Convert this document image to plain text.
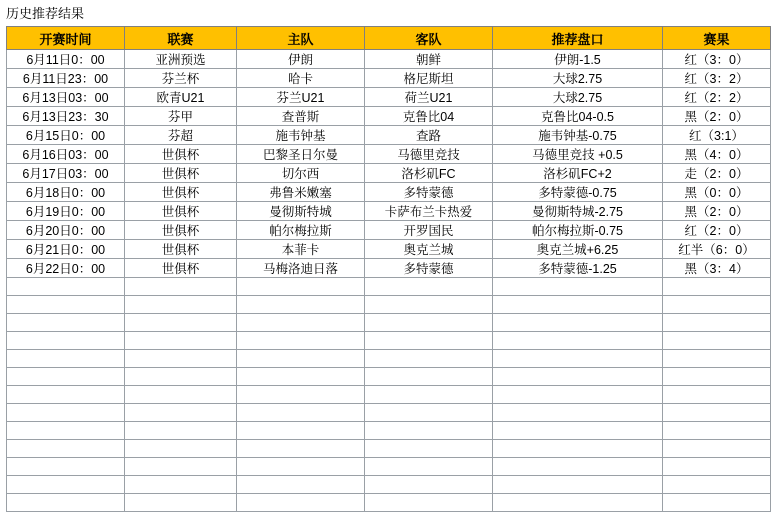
历史推荐结果
开赛时间	联赛	主队	客队	推荐盘口	赛果
6月11日0：00	亚洲预选	伊朗	朝鲜	伊朗-1.5	红（3：0）
6月11日23：00	芬兰杯	哈卡	格尼斯坦	大球2.75	红（3：2）
6月13日03：00	欧青U21	芬兰U21	荷兰U21	大球2.75	红（2：2）
6月13日23：30	芬甲	查普斯	克鲁比04	克鲁比04-0.5	黑（2：0）
6月15日0：00	芬超	施韦钟基	查路	施韦钟基-0.75	红（3:1）
6月16日03：00	世俱杯	巴黎圣日尔曼	马德里竞技	马德里竞技 +0.5	黑（4：0）
6月17日03：00	世俱杯	切尔西	洛杉矶FC	洛杉矶FC+2	走（2：0）
6月18日0：00	世俱杯	弗鲁米嫩塞	多特蒙德	多特蒙德-0.75	黑（0：0）
6月19日0：00	世俱杯	曼彻斯特城	卡萨布兰卡热爱	曼彻斯特城-2.75	黑（2：0）
6月20日0：00	世俱杯	帕尔梅拉斯	开罗国民	帕尔梅拉斯-0.75	红（2：0）
6月21日0：00	世俱杯	本菲卡	奥克兰城	奥克兰城+6.25	红半（6：0）
6月22日0：00	世俱杯	马梅洛迪日落	多特蒙德	多特蒙德-1.25	黑（3：4）
